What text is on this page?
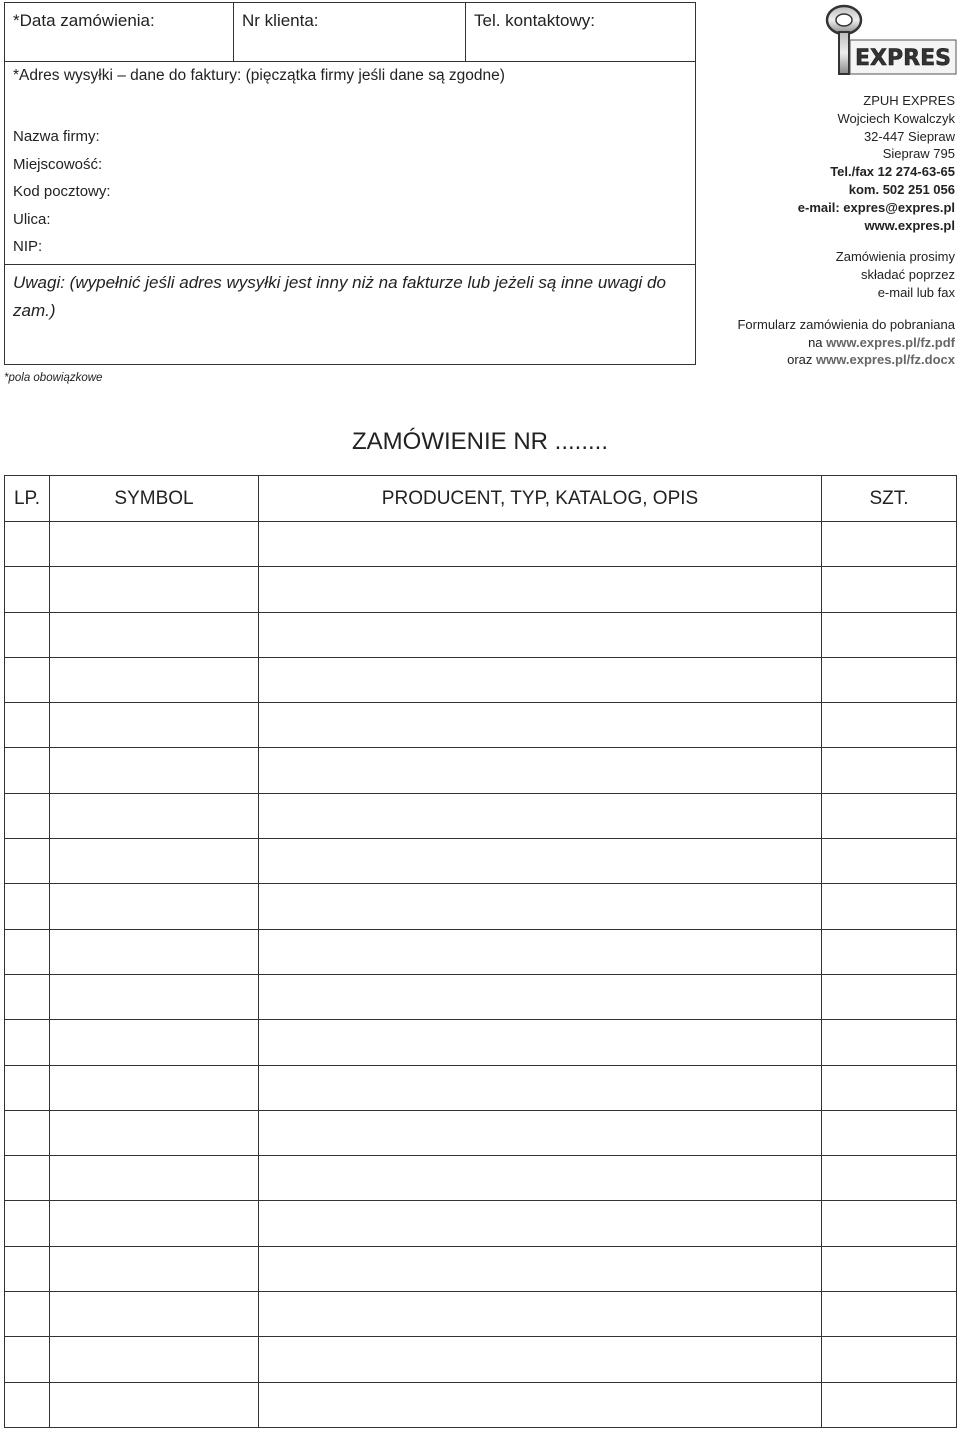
*Data zamówienia:	Nr klienta:	Tel. kontaktowy:
*Adres wysyłki – dane do faktury: (pięczątka firmy jeśli dane są zgodne)
Nazwa firmy:
Miejscowość:
Kod pocztowy:
Ulica:
NIP:
Uwagi: (wypełnić jeśli adres wysyłki jest inny niż na fakturze lub jeżeli są inne uwagi do zam.)
*pola obowiązkowe
EXPRES
ZPUH EXPRES
Wojciech Kowalczyk
32-447 Siepraw
Siepraw 795
Tel./fax 12 274-63-65
kom. 502 251 056
e-mail: expres@expres.pl
www.expres.pl
Zamówienia prosimy
składać poprzez
e-mail lub fax
Formularz zamówienia do pobraniana
na www.expres.pl/fz.pdf
oraz www.expres.pl/fz.docx
ZAMÓWIENIE NR ........
LP.	SYMBOL	PRODUCENT, TYP, KATALOG, OPIS	SZT.
